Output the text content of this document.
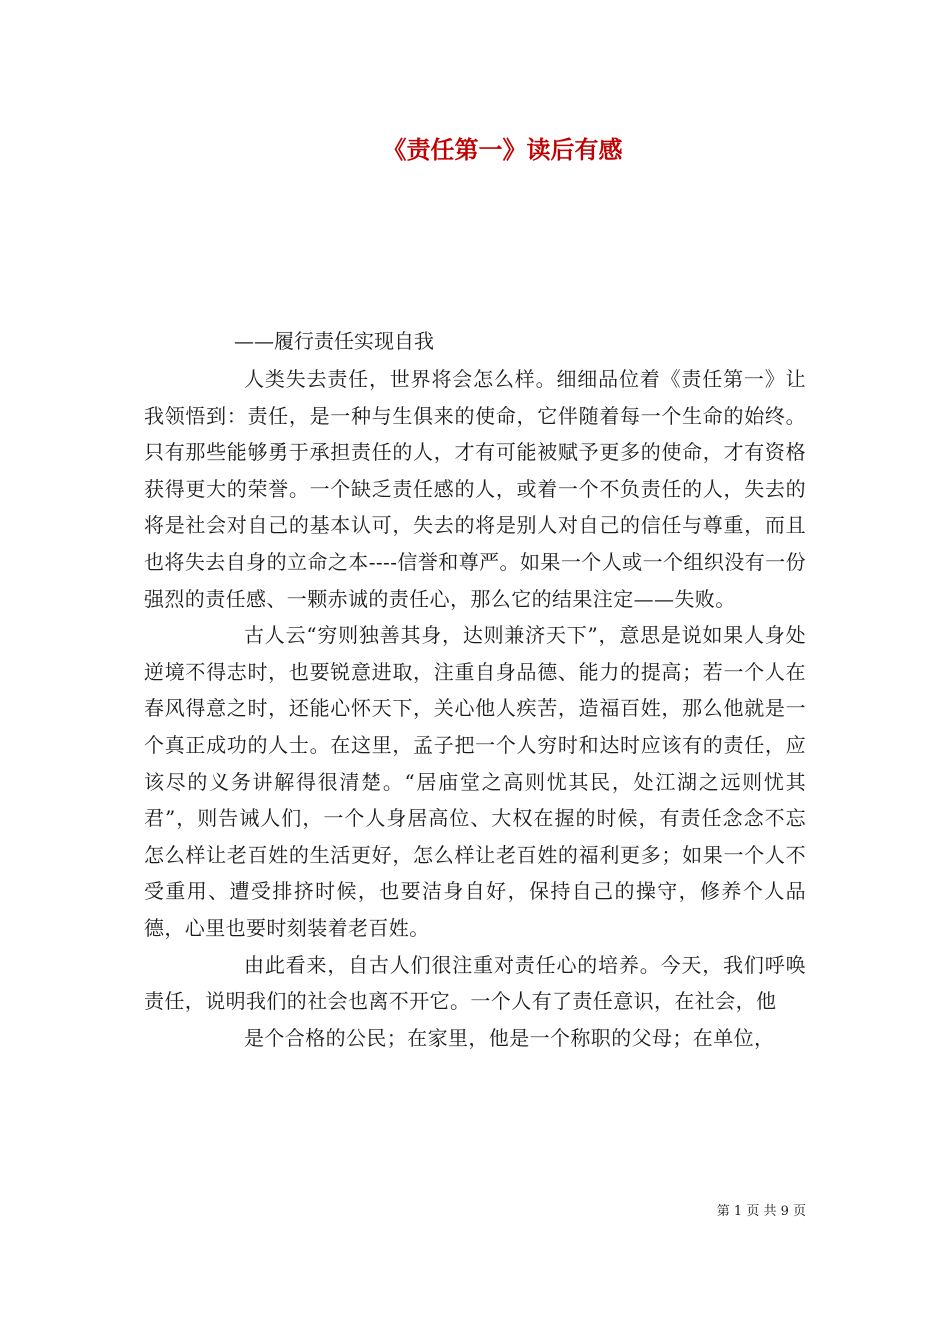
《责任第一》读后有感
——履行责任实现自我

人类失去责任，世界将会怎么样。细细品位着《责任第一》让我领悟到：责任，是一种与生俱来的使命，它伴随着每一个生命的始终。只有那些能够勇于承担责任的人，才有可能被赋予更多的使命，才有资格获得更大的荣誉。一个缺乏责任感的人，或着一个不负责任的人，失去的将是社会对自己的基本认可，失去的将是别人对自己的信任与尊重，而且也将失去自身的立命之本----信誉和尊严。如果一个人或一个组织没有一份强烈的责任感、一颗赤诚的责任心，那么它的结果注定——失败。

古人云“穷则独善其身，达则兼济天下”，意思是说如果人身处逆境不得志时，也要锐意进取，注重自身品德、能力的提高；若一个人在春风得意之时，还能心怀天下，关心他人疾苦，造福百姓，那么他就是一个真正成功的人士。在这里，孟子把一个人穷时和达时应该有的责任，应该尽的义务讲解得很清楚。“居庙堂之高则忧其民，处江湖之远则忧其君”，则告诫人们，一个人身居高位、大权在握的时候，有责任念念不忘怎么样让老百姓的生活更好，怎么样让老百姓的福利更多；如果一个人不受重用、遭受排挤时候，也要洁身自好，保持自己的操守，修养个人品德，心里也要时刻装着老百姓。

由此看来，自古人们很注重对责任心的培养。今天，我们呼唤责任，说明我们的社会也离不开它。一个人有了责任意识，在社会，他

是个合格的公民；在家里，他是一个称职的父母；在单位，

第 1 页 共 9 页
